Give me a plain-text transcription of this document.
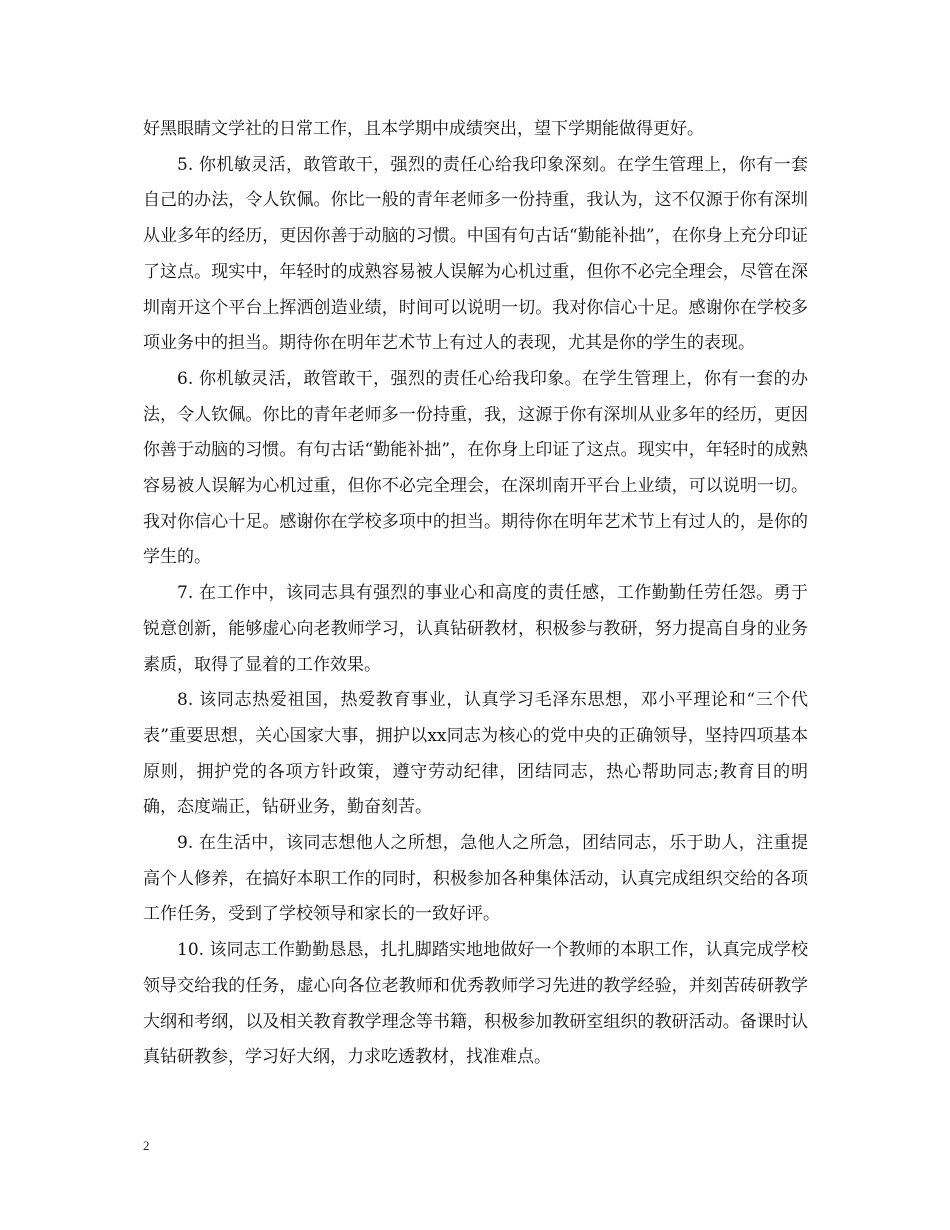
好黑眼睛文学社的日常工作，且本学期中成绩突出，望下学期能做得更好。

5. 你机敏灵活，敢管敢干，强烈的责任心给我印象深刻。在学生管理上，你有一套自己的办法，令人钦佩。你比一般的青年老师多一份持重，我认为，这不仅源于你有深圳从业多年的经历，更因你善于动脑的习惯。中国有句古话“勤能补拙”，在你身上充分印证了这点。现实中，年轻时的成熟容易被人误解为心机过重，但你不必完全理会，尽管在深圳南开这个平台上挥洒创造业绩，时间可以说明一切。我对你信心十足。感谢你在学校多项业务中的担当。期待你在明年艺术节上有过人的表现，尤其是你的学生的表现。

6. 你机敏灵活，敢管敢干，强烈的责任心给我印象。在学生管理上，你有一套的办法，令人钦佩。你比的青年老师多一份持重，我，这源于你有深圳从业多年的经历，更因你善于动脑的习惯。有句古话“勤能补拙”，在你身上印证了这点。现实中，年轻时的成熟容易被人误解为心机过重，但你不必完全理会，在深圳南开平台上业绩，可以说明一切。我对你信心十足。感谢你在学校多项中的担当。期待你在明年艺术节上有过人的，是你的学生的。

7. 在工作中，该同志具有强烈的事业心和高度的责任感，工作勤勤任劳任怨。勇于锐意创新，能够虚心向老教师学习，认真钻研教材，积极参与教研，努力提高自身的业务素质，取得了显着的工作效果。

8. 该同志热爱祖国，热爱教育事业，认真学习毛泽东思想，邓小平理论和“三个代表”重要思想，关心国家大事，拥护以xx同志为核心的党中央的正确领导，坚持四项基本原则，拥护党的各项方针政策，遵守劳动纪律，团结同志，热心帮助同志;教育目的明确，态度端正，钻研业务，勤奋刻苦。

9. 在生活中，该同志想他人之所想，急他人之所急，团结同志，乐于助人，注重提高个人修养，在搞好本职工作的同时，积极参加各种集体活动，认真完成组织交给的各项工作任务，受到了学校领导和家长的一致好评。

10. 该同志工作勤勤恳恳，扎扎脚踏实地地做好一个教师的本职工作，认真完成学校领导交给我的任务，虚心向各位老教师和优秀教师学习先进的教学经验，并刻苦砖研教学大纲和考纲，以及相关教育教学理念等书籍，积极参加教研室组织的教研活动。备课时认真钻研教参，学习好大纲，力求吃透教材，找准难点。

2
